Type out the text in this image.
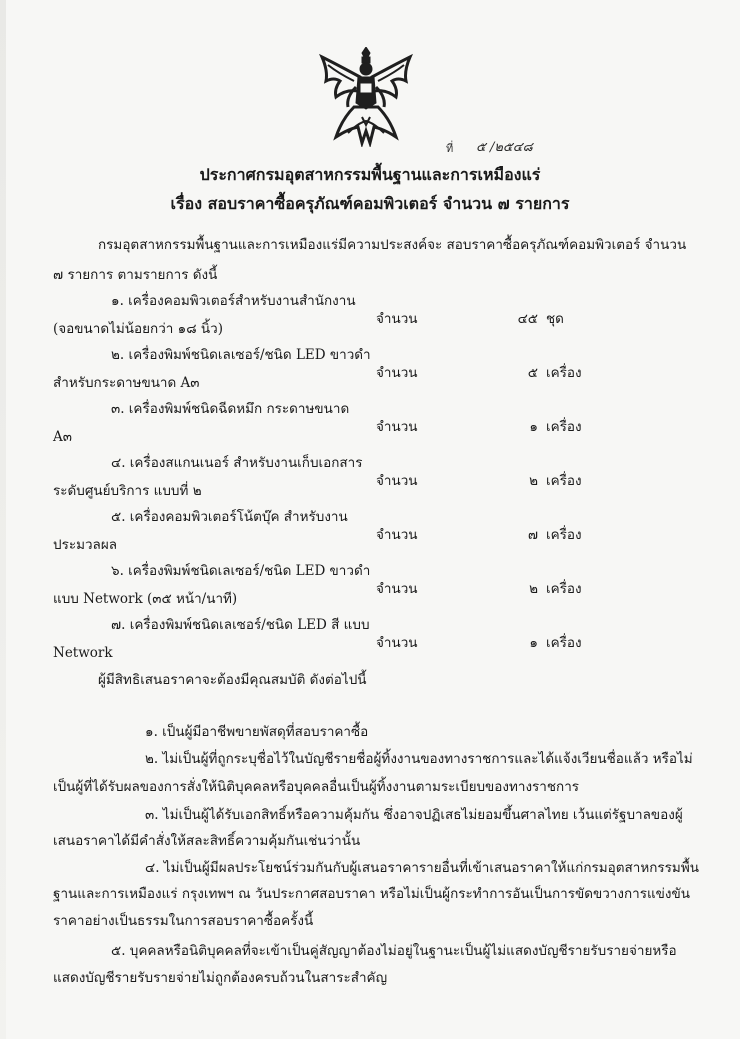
ที่ ๕ /๒๕๔๘
ประกาศกรมอุตสาหกรรมพื้นฐานและการเหมืองแร่
เรื่อง สอบราคาซื้อครุภัณฑ์คอมพิวเตอร์ จำนวน ๗ รายการ
กรมอุตสาหกรรมพื้นฐานและการเหมืองแร่มีความประสงค์จะ สอบราคาซื้อครุภัณฑ์คอมพิวเตอร์ จำนวน
๗ รายการ ตามรายการ ดังนี้
๑. เครื่องคอมพิวเตอร์สำหรับงานสำนักงาน
(จอขนาดไม่น้อยกว่า ๑๘ นิ้ว)
จำนวน	๔๕ ชุด
๒. เครื่องพิมพ์ชนิดเลเซอร์/ชนิด LED ขาวดำ
สำหรับกระดาษขนาด A๓
จำนวน	๕ เครื่อง
๓. เครื่องพิมพ์ชนิดฉีดหมึก กระดาษขนาด
A๓
จำนวน	๑ เครื่อง
๔. เครื่องสแกนเนอร์ สำหรับงานเก็บเอกสาร
ระดับศูนย์บริการ แบบที่ ๒
จำนวน	๒ เครื่อง
๕. เครื่องคอมพิวเตอร์โน้ตบุ๊ค สำหรับงาน
ประมวลผล
จำนวน	๗ เครื่อง
๖. เครื่องพิมพ์ชนิดเลเซอร์/ชนิด LED ขาวดำ
แบบ Network (๓๕ หน้า/นาที)
จำนวน	๒ เครื่อง
๗. เครื่องพิมพ์ชนิดเลเซอร์/ชนิด LED สี แบบ
Network
จำนวน	๑ เครื่อง
ผู้มีสิทธิเสนอราคาจะต้องมีคุณสมบัติ ดังต่อไปนี้
๑. เป็นผู้มีอาชีพขายพัสดุที่สอบราคาซื้อ
๒. ไม่เป็นผู้ที่ถูกระบุชื่อไว้ในบัญชีรายชื่อผู้ทิ้งงานของทางราชการและได้แจ้งเวียนชื่อแล้ว หรือไม่
เป็นผู้ที่ได้รับผลของการสั่งให้นิติบุคคลหรือบุคคลอื่นเป็นผู้ทิ้งงานตามระเบียบของทางราชการ
๓. ไม่เป็นผู้ได้รับเอกสิทธิ์หรือความคุ้มกัน ซึ่งอาจปฏิเสธไม่ยอมขึ้นศาลไทย เว้นแต่รัฐบาลของผู้
เสนอราคาได้มีคำสั่งให้สละสิทธิ์ความคุ้มกันเช่นว่านั้น
๔. ไม่เป็นผู้มีผลประโยชน์ร่วมกันกับผู้เสนอราคารายอื่นที่เข้าเสนอราคาให้แก่กรมอุตสาหกรรมพื้น
ฐานและการเหมืองแร่ กรุงเทพฯ ณ วันประกาศสอบราคา หรือไม่เป็นผู้กระทำการอันเป็นการขัดขวางการแข่งขัน
ราคาอย่างเป็นธรรมในการสอบราคาซื้อครั้งนี้
๕. บุคคลหรือนิติบุคคลที่จะเข้าเป็นคู่สัญญาต้องไม่อยู่ในฐานะเป็นผู้ไม่แสดงบัญชีรายรับรายจ่ายหรือ
แสดงบัญชีรายรับรายจ่ายไม่ถูกต้องครบถ้วนในสาระสำคัญ
